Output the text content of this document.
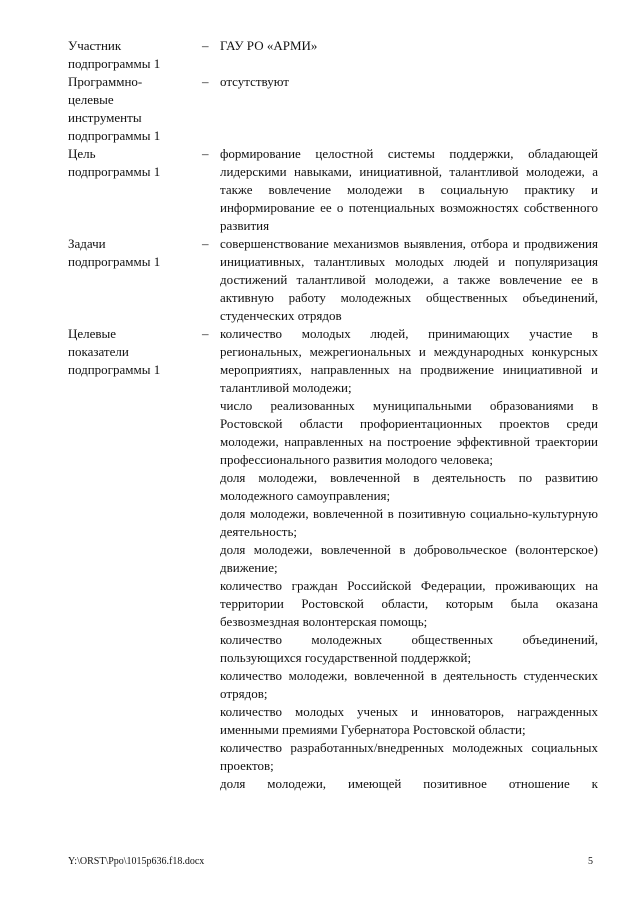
Участник
подпрограммы 1
– ГАУ РО «АРМИ»

Программно-
целевые
инструменты
подпрограммы 1
– отсутствуют

Цель
подпрограммы 1
– формирование целостной системы поддержки, обладающей лидерскими навыками, инициативной, талантливой молодежи, а также вовлечение молодежи в социальную практику и информирование ее о потенциальных возможностях собственного развития

Задачи
подпрограммы 1
– совершенствование механизмов выявления, отбора и продвижения инициативных, талантливых молодых людей и популяризация достижений талантливой молодежи, а также вовлечение ее в активную работу молодежных общественных объединений, студенческих отрядов

Целевые
показатели
подпрограммы 1
– количество молодых людей, принимающих участие в региональных, межрегиональных и международных конкурсных мероприятиях, направленных на продвижение инициативной и талантливой молодежи;

число реализованных муниципальными образованиями в Ростовской области профориентационных проектов среди молодежи, направленных на построение эффективной траектории профессионального развития молодого человека;

доля молодежи, вовлеченной в деятельность по развитию молодежного самоуправления;

доля молодежи, вовлеченной в позитивную социально-культурную деятельность;

доля молодежи, вовлеченной в добровольческое (волонтерское) движение;

количество граждан Российской Федерации, проживающих на территории Ростовской области, которым была оказана безвозмездная волонтерская помощь;

количество молодежных общественных объединений, пользующихся государственной поддержкой;

количество молодежи, вовлеченной в деятельность студенческих отрядов;

количество молодых ученых и инноваторов, награжденных именными премиями Губернатора Ростовской области;

количество разработанных/внедренных молодежных социальных проектов;

доля молодежи, имеющей позитивное отношение к

Y:\ORST\Ppo\1015p636.f18.docx	5
